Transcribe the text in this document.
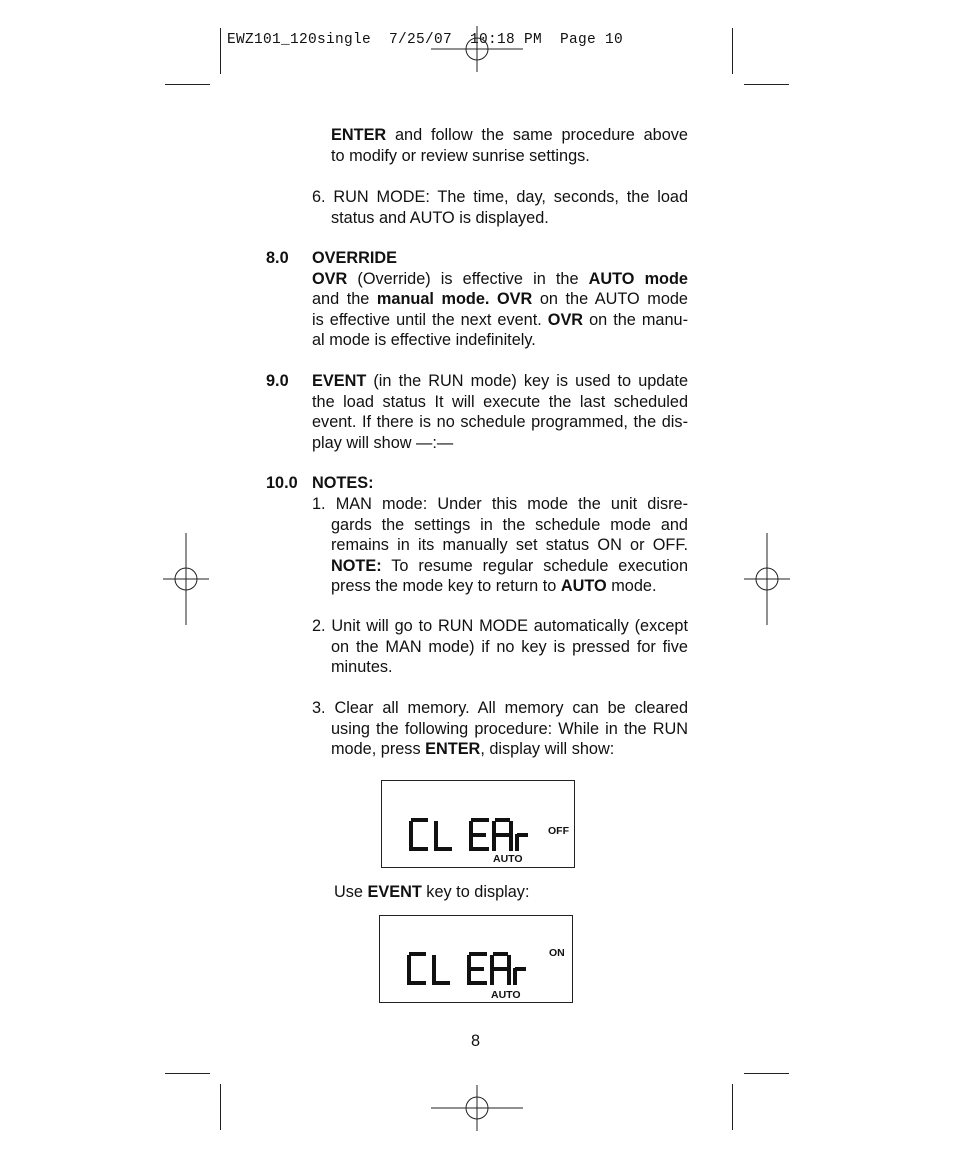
EWZ101_120single  7/25/07  10:18 PM  Page 10
ENTER and follow the same procedure above
to modify or review sunrise settings.
6. RUN MODE: The time, day, seconds, the load
status and AUTO is displayed.
8.0 OVERRIDE
OVR (Override) is effective in the AUTO mode
and the manual mode. OVR on the AUTO mode
is effective until the next event. OVR on the manu-
al mode is effective indefinitely.
9.0 EVENT (in the RUN mode) key is used to update
the load status It will execute the last scheduled
event. If there is no schedule programmed, the dis-
play will show —:—
10.0 NOTES:
1. MAN mode: Under this mode the unit disre-
gards the settings in the schedule mode and
remains in its manually set status ON or OFF.
NOTE: To resume regular schedule execution
press the mode key to return to AUTO mode.
2. Unit will go to RUN MODE automatically (except
on the MAN mode) if no key is pressed for five
minutes.
3. Clear all memory. All memory can be cleared
using the following procedure: While in the RUN
mode, press ENTER, display will show:
OFF
AUTO
Use EVENT key to display:
ON
AUTO
8
